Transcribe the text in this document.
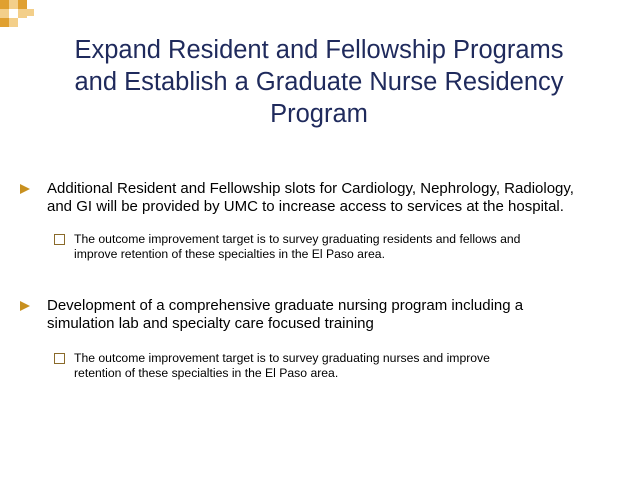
Expand Resident and Fellowship Programs
and Establish a Graduate Nurse Residency
Program
Additional Resident and Fellowship slots for Cardiology, Nephrology, Radiology,
and GI will be provided by UMC to increase access to services at the hospital.
The outcome improvement target is to survey graduating residents and fellows and
improve retention of these specialties in the El Paso area.
Development of a comprehensive graduate nursing program including a
simulation lab and specialty care focused training
The outcome improvement target is to survey graduating nurses and improve
retention of these specialties in the El Paso area.
